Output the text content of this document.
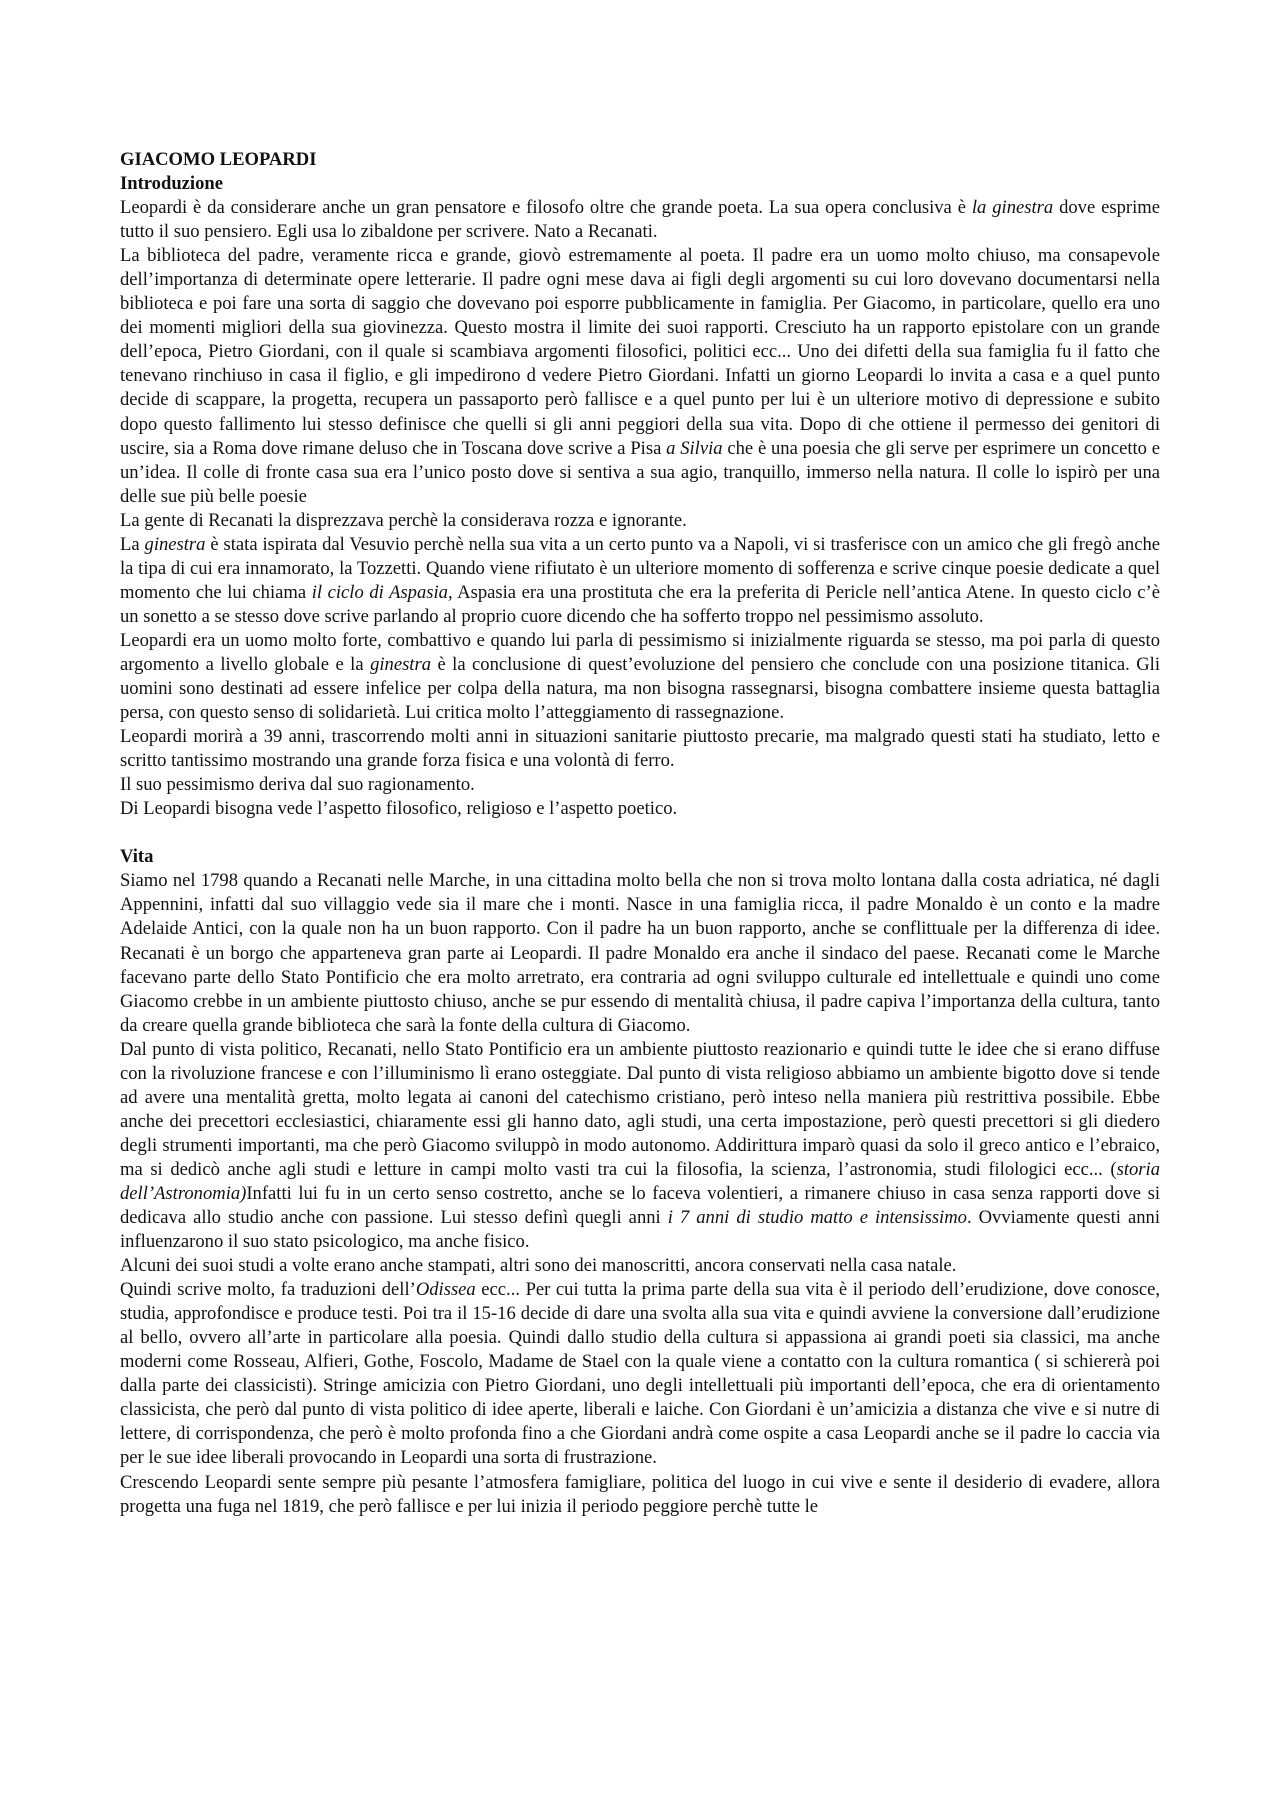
GIACOMO LEOPARDI
Introduzione

Leopardi è da considerare anche un gran pensatore e filosofo oltre che grande poeta. La sua opera conclusiva è la ginestra dove esprime tutto il suo pensiero. Egli usa lo zibaldone per scrivere. Nato a Recanati.

La biblioteca del padre, veramente ricca e grande, giovò estremamente al poeta. Il padre era un uomo molto chiuso, ma consapevole dell’importanza di determinate opere letterarie. Il padre ogni mese dava ai figli degli argomenti su cui loro dovevano documentarsi nella biblioteca e poi fare una sorta di saggio che dovevano poi esporre pubblicamente in famiglia. Per Giacomo, in particolare, quello era uno dei momenti migliori della sua giovinezza. Questo mostra il limite dei suoi rapporti. Cresciuto ha un rapporto epistolare con un grande dell’epoca, Pietro Giordani, con il quale si scambiava argomenti filosofici, politici ecc... Uno dei difetti della sua famiglia fu il fatto che tenevano rinchiuso in casa il figlio, e gli impedirono d vedere Pietro Giordani. Infatti un giorno Leopardi lo invita a casa e a quel punto decide di scappare, la progetta, recupera un passaporto però fallisce e a quel punto per lui è un ulteriore motivo di depressione e subito dopo questo fallimento lui stesso definisce che quelli si gli anni peggiori della sua vita. Dopo di che ottiene il permesso dei genitori di uscire, sia a Roma dove rimane deluso che in Toscana dove scrive a Pisa a Silvia che è una poesia che gli serve per esprimere un concetto e un’idea. Il colle di fronte casa sua era l’unico posto dove si sentiva a sua agio, tranquillo, immerso nella natura. Il colle lo ispirò per una delle sue più belle poesie

La gente di Recanati la disprezzava perchè la considerava rozza e ignorante.

La ginestra è stata ispirata dal Vesuvio perchè nella sua vita a un certo punto va a Napoli, vi si trasferisce con un amico che gli fregò anche la tipa di cui era innamorato, la Tozzetti. Quando viene rifiutato è un ulteriore momento di sofferenza e scrive cinque poesie dedicate a quel momento che lui chiama il ciclo di Aspasia, Aspasia era una prostituta che era la preferita di Pericle nell’antica Atene. In questo ciclo c’è un sonetto a se stesso dove scrive parlando al proprio cuore dicendo che ha sofferto troppo nel pessimismo assoluto.

Leopardi era un uomo molto forte, combattivo e quando lui parla di pessimismo si inizialmente riguarda se stesso, ma poi parla di questo argomento a livello globale e la ginestra è la conclusione di quest’evoluzione del pensiero che conclude con una posizione titanica. Gli uomini sono destinati ad essere infelice per colpa della natura, ma non bisogna rassegnarsi, bisogna combattere insieme questa battaglia persa, con questo senso di solidarietà. Lui critica molto l’atteggiamento di rassegnazione.

Leopardi morirà a 39 anni, trascorrendo molti anni in situazioni sanitarie piuttosto precarie, ma malgrado questi stati ha studiato, letto e scritto tantissimo mostrando una grande forza fisica e una volontà di ferro.

Il suo pessimismo deriva dal suo ragionamento.

Di Leopardi bisogna vede l’aspetto filosofico, religioso e l’aspetto poetico.

Vita

Siamo nel 1798 quando a Recanati nelle Marche, in una cittadina molto bella che non si trova molto lontana dalla costa adriatica, né dagli Appennini, infatti dal suo villaggio vede sia il mare che i monti. Nasce in una famiglia ricca, il padre Monaldo è un conto e la madre Adelaide Antici, con la quale non ha un buon rapporto. Con il padre ha un buon rapporto, anche se conflittuale per la differenza di idee. Recanati è un borgo che apparteneva gran parte ai Leopardi. Il padre Monaldo era anche il sindaco del paese. Recanati come le Marche facevano parte dello Stato Pontificio che era molto arretrato, era contraria ad ogni sviluppo culturale ed intellettuale e quindi uno come Giacomo crebbe in un ambiente piuttosto chiuso, anche se pur essendo di mentalità chiusa, il padre capiva l’importanza della cultura, tanto da creare quella grande biblioteca che sarà la fonte della cultura di Giacomo.

Dal punto di vista politico, Recanati, nello Stato Pontificio era un ambiente piuttosto reazionario e quindi tutte le idee che si erano diffuse con la rivoluzione francese e con l’illuminismo lì erano osteggiate. Dal punto di vista religioso abbiamo un ambiente bigotto dove si tende ad avere una mentalità gretta, molto legata ai canoni del catechismo cristiano, però inteso nella maniera più restrittiva possibile. Ebbe anche dei precettori ecclesiastici, chiaramente essi gli hanno dato, agli studi, una certa impostazione, però questi precettori si gli diedero degli strumenti importanti, ma che però Giacomo sviluppò in modo autonomo. Addirittura imparò quasi da solo il greco antico e l’ebraico, ma si dedicò anche agli studi e letture in campi molto vasti tra cui la filosofia, la scienza, l’astronomia, studi filologici ecc... (storia dell’Astronomia)Infatti lui fu in un certo senso costretto, anche se lo faceva volentieri, a rimanere chiuso in casa senza rapporti dove si dedicava allo studio anche con passione. Lui stesso definì quegli anni i 7 anni di studio matto e intensissimo. Ovviamente questi anni influenzarono il suo stato psicologico, ma anche fisico.

Alcuni dei suoi studi a volte erano anche stampati, altri sono dei manoscritti, ancora conservati nella casa natale.

Quindi scrive molto, fa traduzioni dell’Odissea ecc... Per cui tutta la prima parte della sua vita è il periodo dell’erudizione, dove conosce, studia, approfondisce e produce testi. Poi tra il 15-16 decide di dare una svolta alla sua vita e quindi avviene la conversione dall’erudizione al bello, ovvero all’arte in particolare alla poesia. Quindi dallo studio della cultura si appassiona ai grandi poeti sia classici, ma anche moderni come Rosseau, Alfieri, Gothe, Foscolo, Madame de Stael con la quale viene a contatto con la cultura romantica ( si schiererà poi dalla parte dei classicisti). Stringe amicizia con Pietro Giordani, uno degli intellettuali più importanti dell’epoca, che era di orientamento classicista, che però dal punto di vista politico di idee aperte, liberali e laiche. Con Giordani è un’amicizia a distanza che vive e si nutre di lettere, di corrispondenza, che però è molto profonda fino a che Giordani andrà come ospite a casa Leopardi anche se il padre lo caccia via per le sue idee liberali provocando in Leopardi una sorta di frustrazione.

Crescendo Leopardi sente sempre più pesante l’atmosfera famigliare, politica del luogo in cui vive e sente il desiderio di evadere, allora progetta una fuga nel 1819, che però fallisce e per lui inizia il periodo peggiore perchè tutte le
